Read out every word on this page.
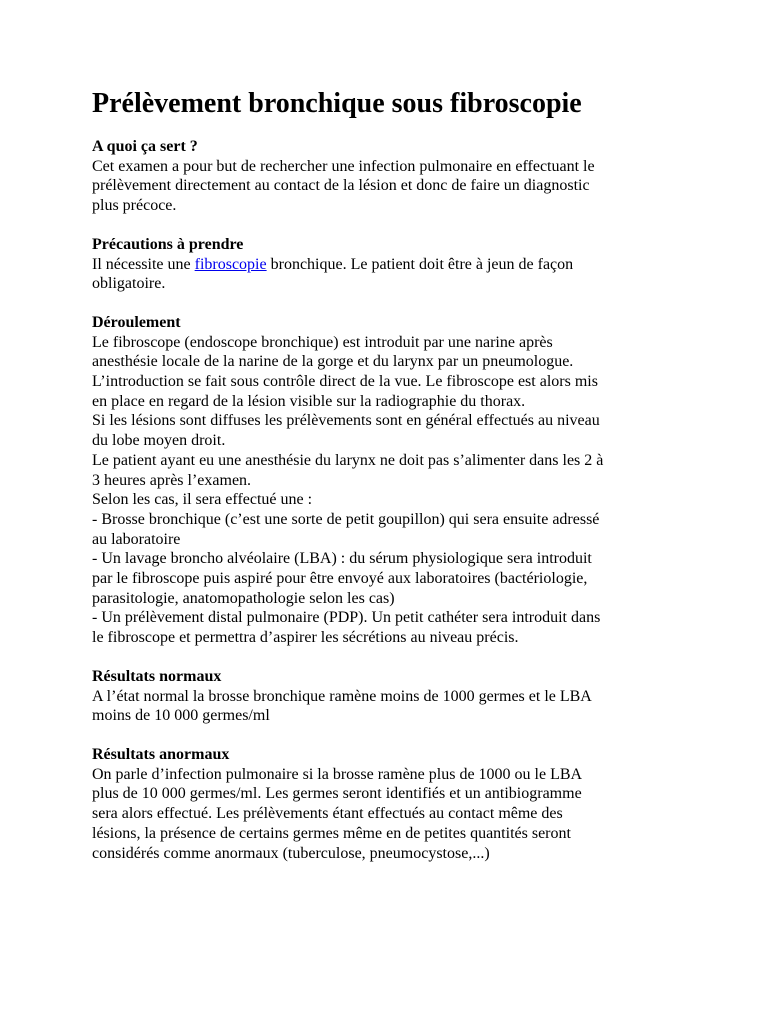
Prélèvement bronchique sous fibroscopie
A quoi ça sert ?

Cet examen a pour but de rechercher une infection pulmonaire en effectuant le
prélèvement directement au contact de la lésion et donc de faire un diagnostic
plus précoce.

Précautions à prendre

Il nécessite une fibroscopie bronchique. Le patient doit être à jeun de façon
obligatoire.

Déroulement

Le fibroscope (endoscope bronchique) est introduit par une narine après
anesthésie locale de la narine de la gorge et du larynx par un pneumologue.
L’introduction se fait sous contrôle direct de la vue. Le fibroscope est alors mis
en place en regard de la lésion visible sur la radiographie du thorax.
Si les lésions sont diffuses les prélèvements sont en général effectués au niveau
du lobe moyen droit.
Le patient ayant eu une anesthésie du larynx ne doit pas s’alimenter dans les 2 à
3 heures après l’examen.
Selon les cas, il sera effectué une :
- Brosse bronchique (c’est une sorte de petit goupillon) qui sera ensuite adressé
au laboratoire
- Un lavage broncho alvéolaire (LBA) : du sérum physiologique sera introduit
par le fibroscope puis aspiré pour être envoyé aux laboratoires (bactériologie,
parasitologie, anatomopathologie selon les cas)
- Un prélèvement distal pulmonaire (PDP). Un petit cathéter sera introduit dans
le fibroscope et permettra d’aspirer les sécrétions au niveau précis.

Résultats normaux

A l’état normal la brosse bronchique ramène moins de 1000 germes et le LBA
moins de 10 000 germes/ml

Résultats anormaux

On parle d’infection pulmonaire si la brosse ramène plus de 1000 ou le LBA
plus de 10 000 germes/ml. Les germes seront identifiés et un antibiogramme
sera alors effectué. Les prélèvements étant effectués au contact même des
lésions, la présence de certains germes même en de petites quantités seront
considérés comme anormaux (tuberculose, pneumocystose,...)
